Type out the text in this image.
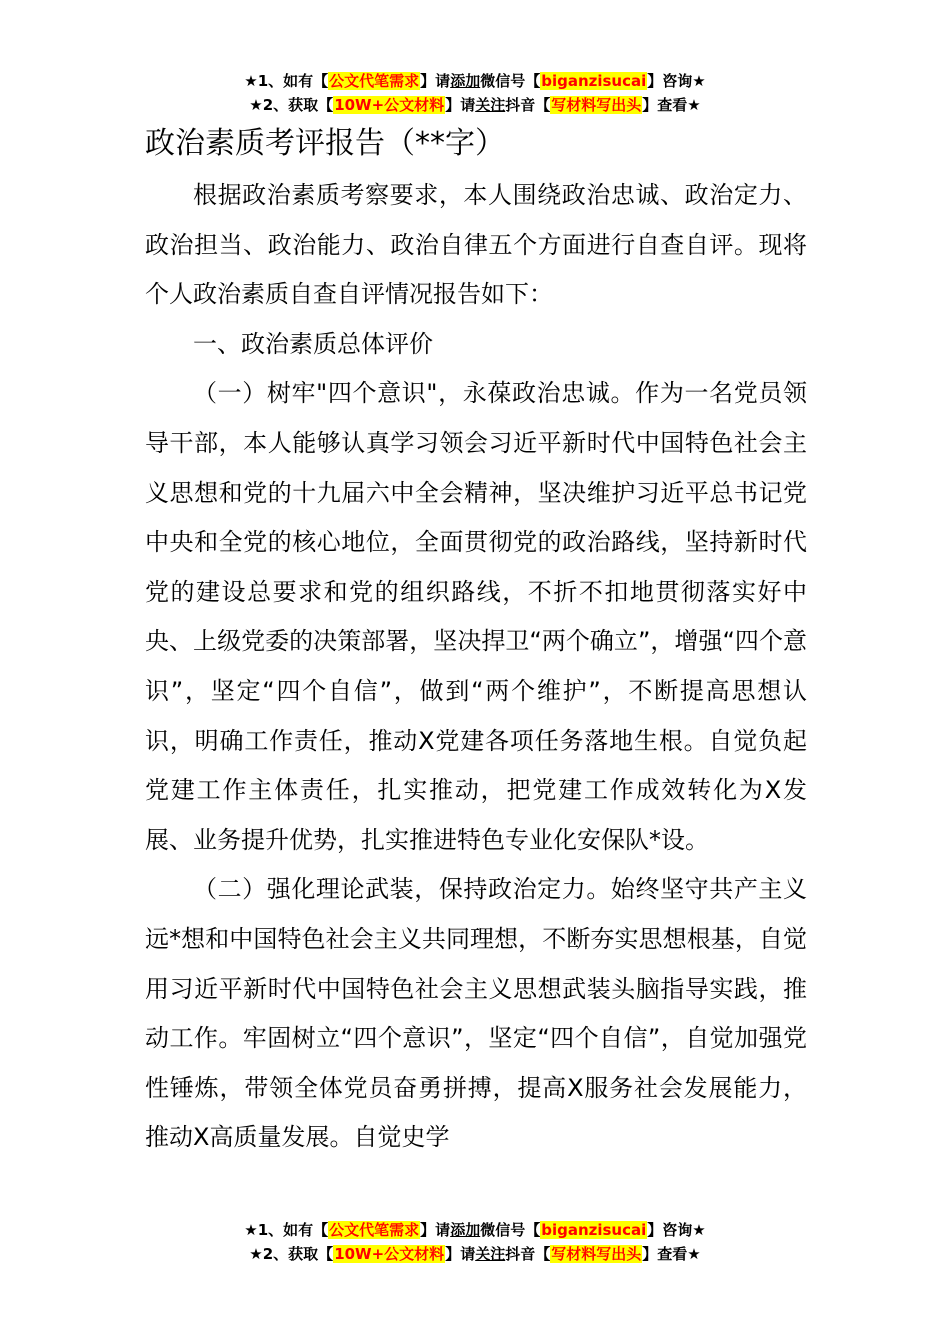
★1、如有【公文代笔需求】请添加微信号【biganzisucai】咨询★
★2、获取【10W+公文材料】请关注抖音【写材料写出头】查看★
政治素质考评报告（**字）

根据政治素质考察要求，本人围绕政治忠诚、政治定力、政治担当、政治能力、政治自律五个方面进行自查自评。现将个人政治素质自查自评情况报告如下：

一、政治素质总体评价

（一）树牢"四个意识"，永葆政治忠诚。作为一名党员领导干部，本人能够认真学习领会习近平新时代中国特色社会主义思想和党的十九届六中全会精神，坚决维护习近平总书记党中央和全党的核心地位，全面贯彻党的政治路线，坚持新时代党的建设总要求和党的组织路线，不折不扣地贯彻落实好中央、上级党委的决策部署，坚决捍卫“两个确立”，增强“四个意识”，坚定“四个自信”，做到“两个维护”，不断提高思想认识，明确工作责任，推动X党建各项任务落地生根。自觉负起党建工作主体责任，扎实推动，把党建工作成效转化为X发展、业务提升优势，扎实推进特色专业化安保队*设。

（二）强化理论武装，保持政治定力。始终坚守共产主义远*想和中国特色社会主义共同理想，不断夯实思想根基，自觉用习近平新时代中国特色社会主义思想武装头脑指导实践，推动工作。牢固树立“四个意识”，坚定“四个自信”，自觉加强党性锤炼，带领全体党员奋勇拼搏，提高X服务社会发展能力，推动X高质量发展。自觉史学

★1、如有【公文代笔需求】请添加微信号【biganzisucai】咨询★
★2、获取【10W+公文材料】请关注抖音【写材料写出头】查看★
